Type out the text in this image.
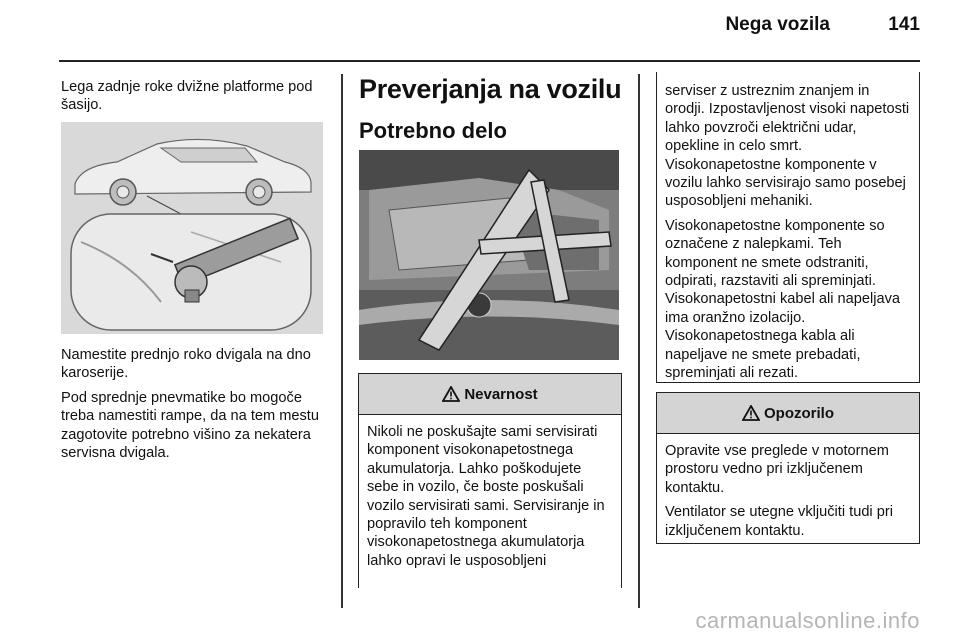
Nega vozila	141

Lega zadnje roke dvižne platforme pod šasijo.

Namestite prednjo roko dvigala na dno karoserije.

Pod sprednje pnevmatike bo mogoče treba namestiti rampe, da na tem mestu zagotovite potrebno višino za nekatera servisna dvigala.

Preverjanja na vozilu
Potrebno delo
Nevarnost

Nikoli ne poskušajte sami servisirati komponent visokonapetostnega akumulatorja. Lahko poškodujete sebe in vozilo, če boste poskušali vozilo servisirati sami. Servisiranje in popravilo teh komponent visokonapetostnega akumulatorja lahko opravi le usposobljeni

serviser z ustreznim znanjem in orodji. Izpostavljenost visoki napetosti lahko povzroči električni udar, opekline in celo smrt. Visokonapetostne komponente v vozilu lahko servisirajo samo posebej usposobljeni mehaniki.

Visokonapetostne komponente so označene z nalepkami. Teh komponent ne smete odstraniti, odpirati, razstaviti ali spreminjati. Visokonapetostni kabel ali napeljava ima oranžno izolacijo. Visokonapetostnega kabla ali napeljave ne smete prebadati, spreminjati ali rezati.

Opozorilo

Opravite vse preglede v motornem prostoru vedno pri izključenem kontaktu.

Ventilator se utegne vključiti tudi pri izključenem kontaktu.

carmanualsonline.info
